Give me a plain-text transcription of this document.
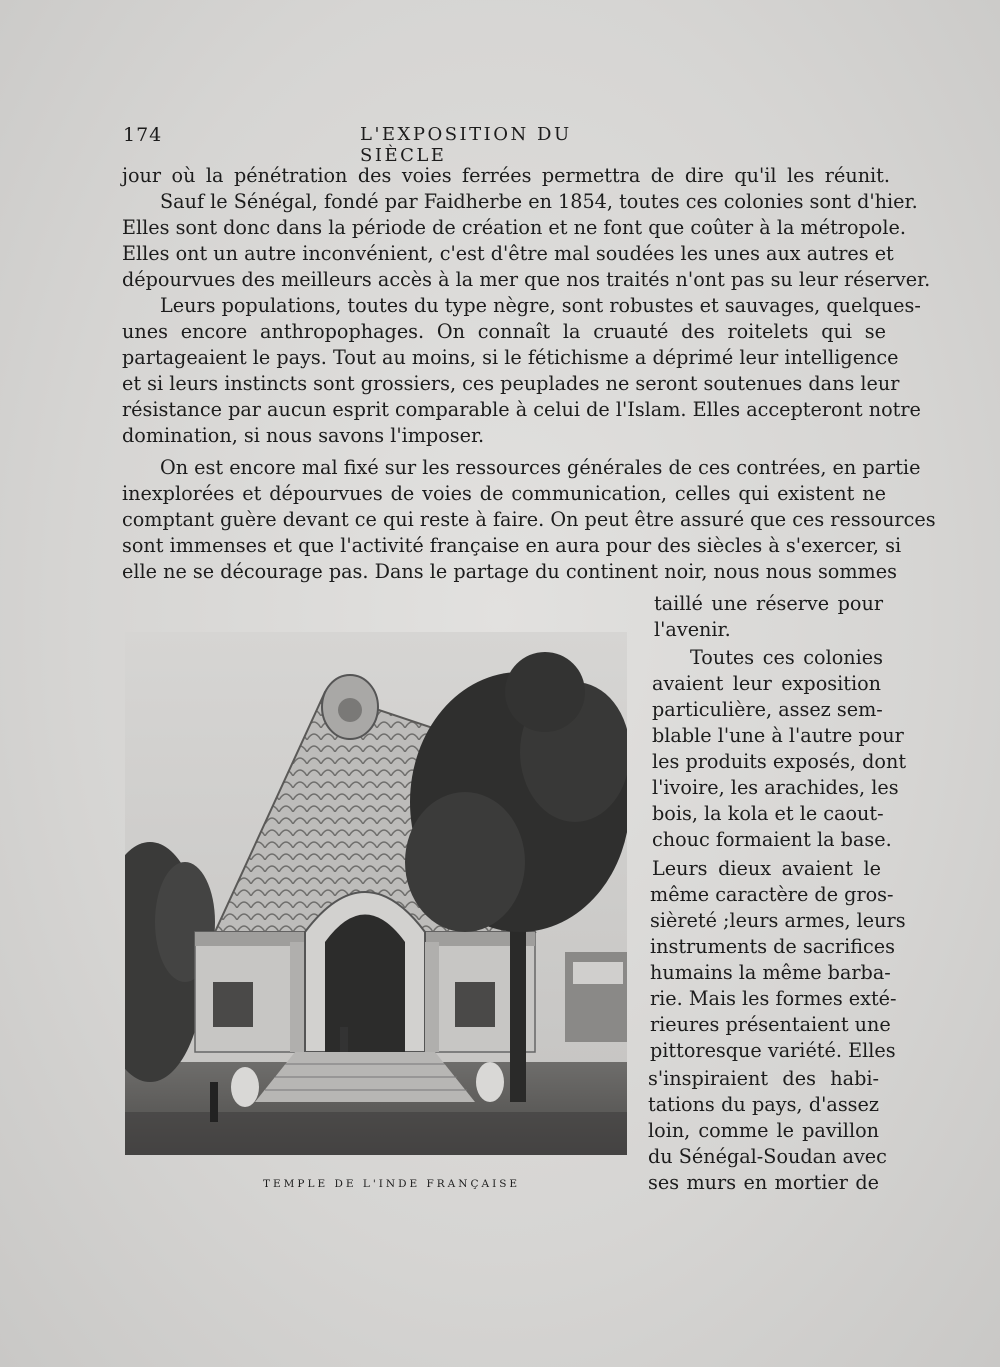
174	L'EXPOSITION DU SIÈCLE
jour où la pénétration des voies ferrées permettra de dire qu'il les réunit.
Sauf le Sénégal, fondé par Faidherbe en 1854, toutes ces colonies sont d'hier.
Elles sont donc dans la période de création et ne font que coûter à la métropole.
Elles ont un autre inconvénient, c'est d'être mal soudées les unes aux autres et
dépourvues des meilleurs accès à la mer que nos traités n'ont pas su leur réserver.
Leurs populations, toutes du type nègre, sont robustes et sauvages, quelques-
unes encore anthropophages. On connaît la cruauté des roitelets qui se
partageaient le pays. Tout au moins, si le fétichisme a déprimé leur intelligence
et si leurs instincts sont grossiers, ces peuplades ne seront soutenues dans leur
résistance par aucun esprit comparable à celui de l'Islam. Elles accepteront notre
domination, si nous savons l'imposer.
On est encore mal fixé sur les ressources générales de ces contrées, en partie
inexplorées et dépourvues de voies de communication, celles qui existent ne
comptant guère devant ce qui reste à faire. On peut être assuré que ces ressources
sont immenses et que l'activité française en aura pour des siècles à s'exercer, si
elle ne se décourage pas. Dans le partage du continent noir, nous nous sommes
TEMPLE DE L'INDE FRANÇAISE
taillé une réserve pour
l'avenir.
Toutes ces colonies
avaient leur exposition
particulière, assez sem-
blable l'une à l'autre pour
les produits exposés, dont
l'ivoire, les arachides, les
bois, la kola et le caout-
chouc formaient la base.
Leurs dieux avaient le
même caractère de gros-
sièreté ;leurs armes, leurs
instruments de sacrifices
humains la même barba-
rie. Mais les formes exté-
rieures présentaient une
pittoresque variété. Elles
s'inspiraient des habi-
tations du pays, d'assez
loin, comme le pavillon
du Sénégal-Soudan avec
ses murs en mortier de
